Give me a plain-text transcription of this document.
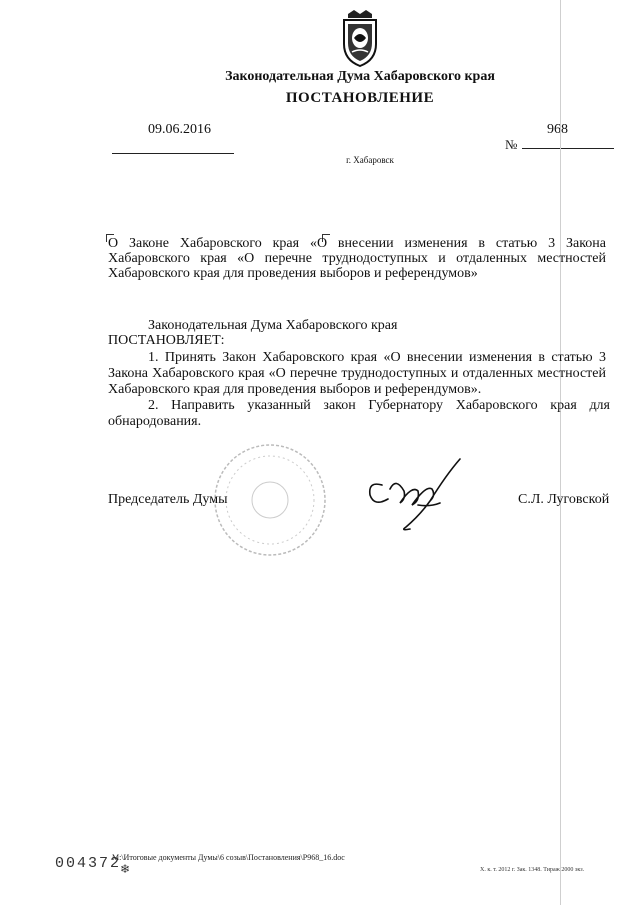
Законодательная Дума Хабаровского края
ПОСТАНОВЛЕНИЕ
09.06.2016	968
№
г. Хабаровск
О Законе Хабаровского края «О внесении изменения в статью 3 Закона
Хабаровского края «О перечне труднодоступных и отдаленных местностей
Хабаровского края для проведения выборов и референдумов»
Законодательная Дума Хабаровского края
ПОСТАНОВЛЯЕТ:
1. Принять Закон Хабаровского края «О внесении изменения в статью 3
Закона Хабаровского края «О перечне труднодоступных и отдаленных местностей
Хабаровского края для проведения выборов и референдумов».
2. Направить указанный закон Губернатору Хабаровского края для
обнародования.
Председатель Думы	С.Л. Луговской
004372
❄
M:\Итоговые документы Думы\6 созыв\Постановления\P968_16.doc
Х. к. т. 2012 г. Зак. 1348. Тираж 2000 экз.
